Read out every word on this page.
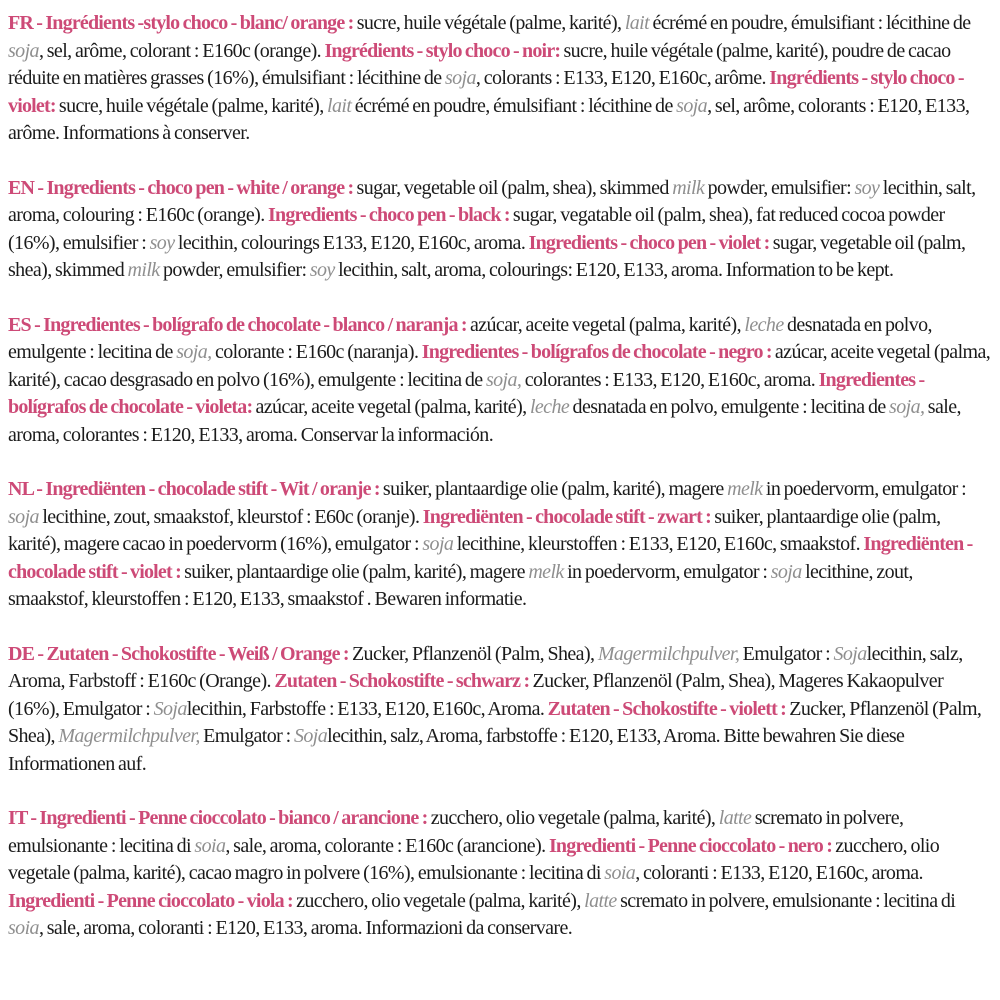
FR - Ingrédients -stylo choco - blanc/ orange : sucre, huile végétale (palme, karité), lait écrémé en poudre, émulsifiant : lécithine de soja, sel, arôme, colorant : E160c (orange). Ingrédients - stylo choco - noir: sucre, huile végétale (palme, karité), poudre de cacao réduite en matières grasses (16%), émulsifiant : lécithine de soja, colorants : E133, E120, E160c, arôme. Ingrédients - stylo choco - violet: sucre, huile végétale (palme, karité), lait écrémé en poudre, émulsifiant : lécithine de soja, sel, arôme, colorants : E120, E133, arôme. Informations à conserver.

EN - Ingredients - choco pen - white / orange : sugar, vegetable oil (palm, shea), skimmed milk powder, emulsifier: soy lecithin, salt, aroma, colouring : E160c (orange). Ingredients - choco pen - black : sugar, vegatable oil (palm, shea), fat reduced cocoa powder (16%), emulsifier : soy lecithin, colourings E133, E120, E160c, aroma. Ingredients - choco pen - violet : sugar, vegetable oil (palm, shea), skimmed milk powder, emulsifier: soy lecithin, salt, aroma, colourings: E120, E133, aroma. Information to be kept.

ES - Ingredientes - bolígrafo de chocolate - blanco / naranja : azúcar, aceite vegetal (palma, karité), leche desnatada en polvo, emulgente : lecitina de soja, colorante : E160c (naranja). Ingredientes - bolígrafos de chocolate - negro : azúcar, aceite vegetal (palma, karité), cacao desgrasado en polvo (16%), emulgente : lecitina de soja, colorantes : E133, E120, E160c, aroma. Ingredientes - bolígrafos de chocolate - violeta: azúcar, aceite vegetal (palma, karité), leche desnatada en polvo, emulgente : lecitina de soja, sale, aroma, colorantes : E120, E133, aroma. Conservar la información.

NL - Ingrediënten - chocolade stift - Wit / oranje : suiker, plantaardige olie (palm, karité), magere melk in poedervorm, emulgator : soja lecithine, zout, smaakstof, kleurstof : E60c (oranje). Ingrediënten - chocolade stift - zwart : suiker, plantaardige olie (palm, karité), magere cacao in poedervorm (16%), emulgator : soja lecithine, kleurstoffen : E133, E120, E160c, smaakstof. Ingrediënten - chocolade stift - violet : suiker, plantaardige olie (palm, karité), magere melk in poedervorm, emulgator : soja lecithine, zout, smaakstof, kleurstoffen : E120, E133, smaakstof . Bewaren informatie.

DE - Zutaten - Schokostifte - Weiß / Orange : Zucker, Pflanzenöl (Palm, Shea), Magermilchpulver, Emulgator : Sojalecithin, salz, Aroma, Farbstoff : E160c (Orange). Zutaten - Schokostifte - schwarz : Zucker, Pflanzenöl (Palm, Shea), Mageres Kakaopulver (16%), Emulgator : Sojalecithin, Farbstoffe : E133, E120, E160c, Aroma. Zutaten - Schokostifte - violett : Zucker, Pflanzenöl (Palm, Shea), Magermilchpulver, Emulgator : Sojalecithin, salz, Aroma, farbstoffe : E120, E133, Aroma. Bitte bewahren Sie diese Informationen auf.

IT - Ingredienti - Penne cioccolato - bianco / arancione : zucchero, olio vegetale (palma, karité), latte scremato in polvere, emulsionante : lecitina di soia, sale, aroma, colorante : E160c (arancione). Ingredienti - Penne cioccolato - nero : zucchero, olio vegetale (palma, karité), cacao magro in polvere (16%), emulsionante : lecitina di soia, coloranti : E133, E120, E160c, aroma. Ingredienti - Penne cioccolato - viola : zucchero, olio vegetale (palma, karité), latte scremato in polvere, emulsionante : lecitina di soia, sale, aroma, coloranti : E120, E133, aroma. Informazioni da conservare.
